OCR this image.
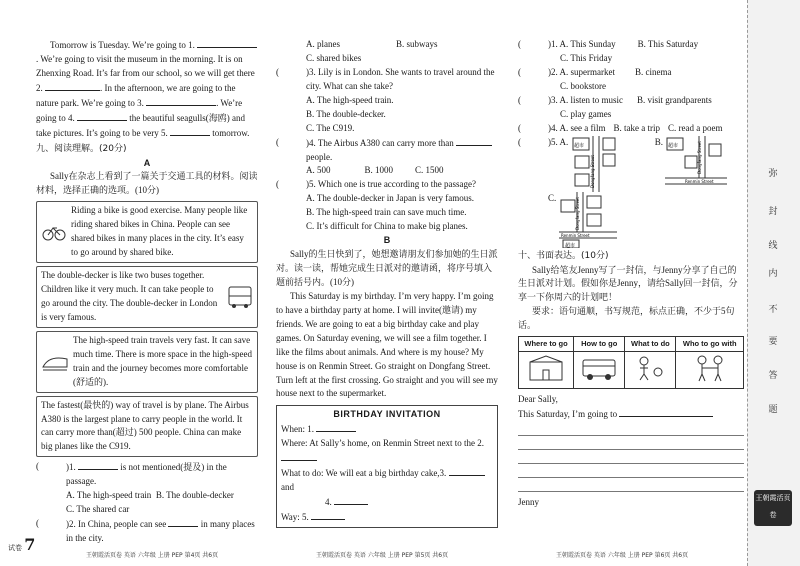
Tomorrow is Tuesday. We’re going to 1. . We’re going to visit the museum in the morning. It is on Zhenxing Road. It’s far from our school, so we will get there 2.	. In the afternoon, we are going to the nature park. We’re going to 3.	. We’re going to 4.	the beautiful seagulls(海鸥) and take pictures. It’s going to be very 5.	tomorrow.

九、阅读理解。(20分)

A

Sally在杂志上看到了一篇关于交通工具的材料。阅读材料，选择正确的选项。(10分)

Riding a bike is good exercise. Many people like riding shared bikes in China. People can see shared bikes in many places in the city. It’s easy to go around by shared bike.
The double-decker is like two buses together. Children like it very much. It can take people to go around the city. The double-decker in London is very famous.
The high-speed train travels very fast. It can save much time. There is more space in the high-speed train and the journey becomes more comfortable (舒适的).
The fastest(最快的) way of travel is by plane. The Airbus A380 is the largest plane to carry people in the world. It can carry more than(超过) 500 people. China can make big planes like the C919.
(	)1.	is not mentioned(提及) in the passage.
A. The high-speed train B. The double-decker
C. The shared car
(	)2. In China, people can see	in many places in the city.
A. planes	B. subways
C. shared bikes
(	)3. Lily is in London. She wants to travel around the city. What can she take?
A. The high-speed train.
B. The double-decker.
C. The C919.
(	)4. The Airbus A380 can carry more than  people.
A. 500	B. 1000 C. 1500
(	)5. Which one is true according to the passage?
A. The double-decker in Japan is very famous.
B. The high-speed train can save much time.
C. It’s difficult for China to make big planes.

B

Sally的生日快到了，她想邀请朋友们参加她的生日派对。读一读，帮她完成生日派对的邀请函，将序号填入题前括号内。(10分)

This Saturday is my birthday. I’m very happy. I’m going to have a birthday party at home. I will invite(邀请) my friends. We are going to eat a big birthday cake and play games. On Saturday evening, we will see a film together. I like the films about animals. And where is my house? My house is on Renmin Street. Go straight on Dongfang Street. Turn left at the first crossing. Go straight and you will see my house next to the supermarket.

BIRTHDAY INVITATION
When: 1.
Where: At Sally’s home, on Renmin Street next to the 2.
What to do: We will eat a big birthday cake,3.  and
4.
Way: 5.
(	)1. A. This Sunday B. This Saturday
C. This Friday
(	)2. A. supermarket B. cinema
C. bookstore
(	)3. A. listen to music B. visit grandparents
C. play games
(	)4. A. see a film B. take a trip C. read a poem
(	)5. A. 超市
Dongfang Street
B. 超市
Renmin Street
Dongfang Street

C.
超市
Renmin Street
Dongfang Street

十、书面表达。(10分)

Sally给笔友Jenny写了一封信，与Jenny分享了自己的生日派对计划。假如你是Jenny，请给Sally回一封信，分享一下你周六的计划吧！

要求：语句通顺，书写规范，标点正确，不少于5句话。

Where to go	How to go	What to do	Who to go with

Dear Sally,

This Saturday, I’m going to

Jenny

试卷 7
王朝霞活页卷 英语 六年级 上册 PEP 第4页 共6页	王朝霞活页卷 英语 六年级 上册 PEP 第5页 共6页	王朝霞活页卷 英语 六年级 上册 PEP 第6页 共6页
弥
封
线
内
不
要
答
题
王朝霞活页卷
